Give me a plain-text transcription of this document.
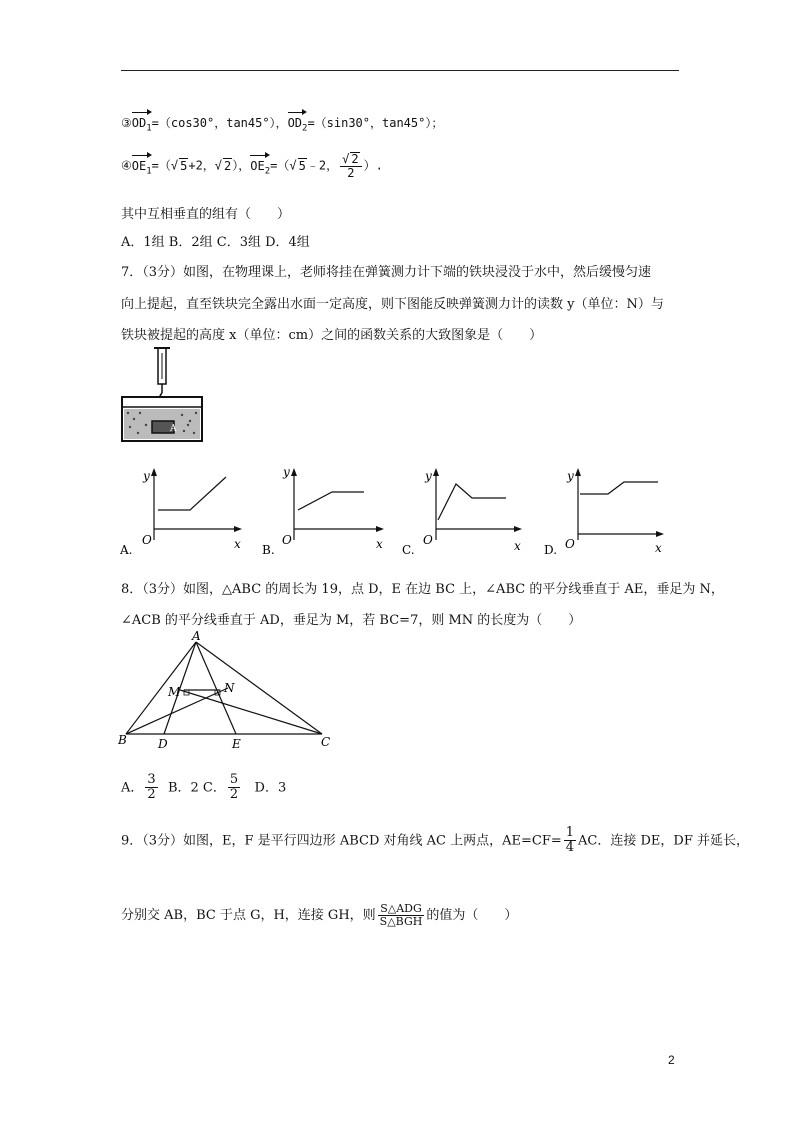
$③OD_1=(\cos 30^\circ$，tan45°），$OD_2=(\sin 30^\circ$，tan45°）；
$④OE_1=(√$ 5+2，√ 2），$OE_2=(√$ 5﹣2， $\frac{√ 2}{2}$ ）.
其中互相垂直的组有（　　）
A．1组 B．2组 C．3组 D．4组
7．（3分）如图，在物理课上，老师将挂在弹簧测力计下端的铁块浸没于水中，然后缓慢匀速
向上提起，直至铁块完全露出水面一定高度，则下图能反映弹簧测力计的读数 y（单位：N）与
铁块被提起的高度 x（单位：cm）之间的函数关系的大致图象是（　　）
A
y
x
O
A.
y
x
O
B.
y
x
O
C.
y
x
O
D.
8．（3分）如图，△ABC 的周长为 19，点 D，E 在边 BC 上，∠ABC 的平分线垂直于 AE，垂足为 N，
∠ACB 的平分线垂直于 AD，垂足为 M，若 BC=7，则 MN 的长度为（　　）
A
B	C
D	E
M	N
A． $\frac{3}{2}$ B．2 C． $\frac{5}{2}$ D．3
9．（3分）如图，E，F 是平行四边形 ABCD 对角线 AC 上两点，$AE=CF= \frac{1}{4}$ AC．连接 DE，DF 并延长，
分别交 AB，BC 于点 G，H，连接 GH，则 $\frac{\text{S△ADG}}{\text{S△BGH}}$ 的值为（　　）
2
